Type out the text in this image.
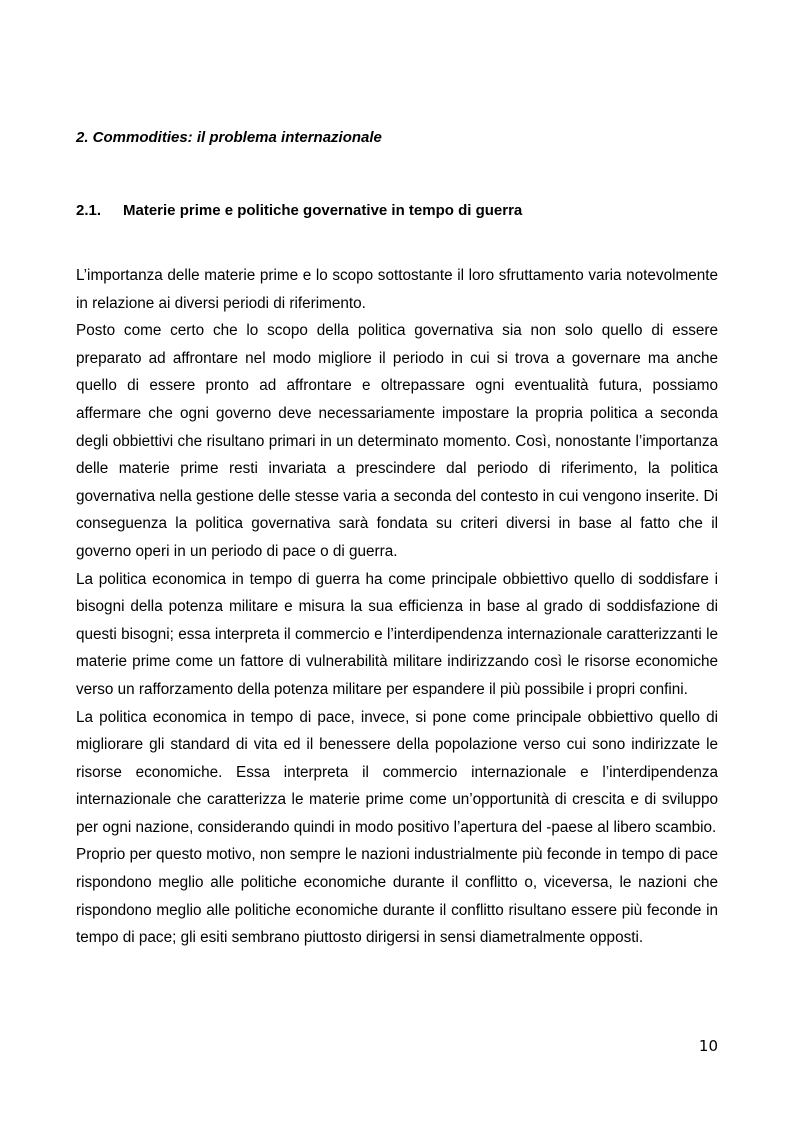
2. Commodities: il problema internazionale
2.1. Materie prime e politiche governative in tempo di guerra

L’importanza delle materie prime e lo scopo sottostante il loro sfruttamento varia notevolmente in relazione ai diversi periodi di riferimento.

Posto come certo che lo scopo della politica governativa sia non solo quello di essere preparato ad affrontare nel modo migliore il periodo in cui si trova a governare ma anche quello di essere pronto ad affrontare e oltrepassare ogni eventualità futura, possiamo affermare che ogni governo deve necessariamente impostare la propria politica a seconda degli obbiettivi che risultano primari in un determinato momento. Così, nonostante l’importanza delle materie prime resti invariata a prescindere dal periodo di riferimento, la politica governativa nella gestione delle stesse varia a seconda del contesto in cui vengono inserite. Di conseguenza la politica governativa sarà fondata su criteri diversi in base al fatto che il governo operi in un periodo di pace o di guerra.

La politica economica in tempo di guerra ha come principale obbiettivo quello di soddisfare i bisogni della potenza militare e misura la sua efficienza in base al grado di soddisfazione di questi bisogni; essa interpreta il commercio e l’interdipendenza internazionale caratterizzanti le materie prime come un fattore di vulnerabilità militare indirizzando così le risorse economiche verso un rafforzamento della potenza militare per espandere il più possibile i propri confini.

La politica economica in tempo di pace, invece, si pone come principale obbiettivo quello di migliorare gli standard di vita ed il benessere della popolazione verso cui sono indirizzate le risorse economiche. Essa interpreta il commercio internazionale e l’interdipendenza internazionale che caratterizza le materie prime come un’opportunità di crescita e di sviluppo per ogni nazione, considerando quindi in modo positivo l’apertura del -paese al libero scambio.

Proprio per questo motivo, non sempre le nazioni industrialmente più feconde in tempo di pace rispondono meglio alle politiche economiche durante il conflitto o, viceversa, le nazioni che rispondono meglio alle politiche economiche durante il conflitto risultano essere più feconde in tempo di pace; gli esiti sembrano piuttosto dirigersi in sensi diametralmente opposti.

10
